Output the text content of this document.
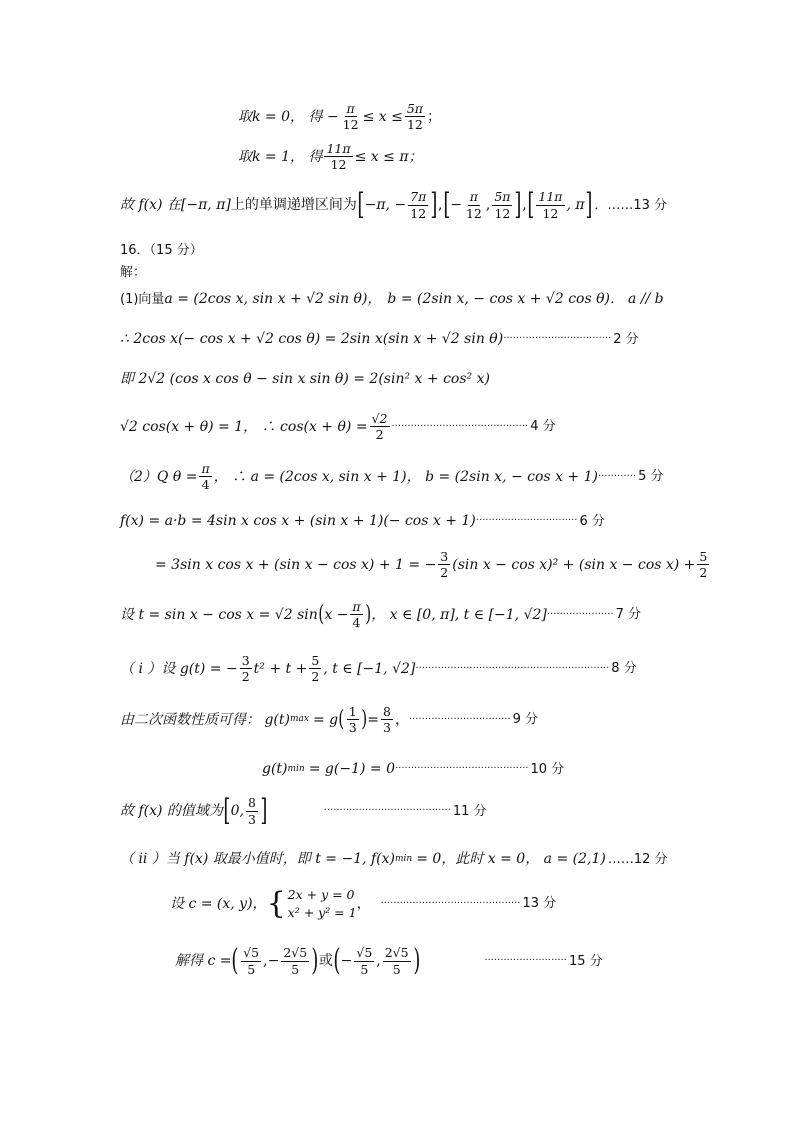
取k = 0， 得 − $\frac{\pi}{12} \le x \le \frac{5\pi}{12}$ ；
取k = 1， 得 $\frac{11\pi}{12} \le x \le \pi$；
故 f(x) 在 [−π, π] 上的单调递增区间为 [ −π, − $\frac{7\pi}{12}$ ] , [ − $\frac{\pi}{12}$ , $\frac{5\pi}{12}$ ] , [ $\frac{11\pi}{12}$ , π ] ．……13 分
16．（15 分）
解：
(1)向量 a = (2cos x, sin x + √2 sin θ)， b = (2sin x, − cos x + √2 cos θ)． a // b
∴ 2cos x(− cos x + √2 cos θ) = 2sin x(sin x + √2 sin θ) ·································· 2 分
即 2√2 (cos x cos θ − sin x sin θ) = 2(sin² x + cos² x)
√2 cos(x + θ) = 1， ∴ $\cos(x + \theta) = \frac{√2}{2}$ ··········································· 4 分
（2）Q $\theta = \frac{\pi}{4}$ ， ∴ a = (2cos x, sin x + 1)， b = (2sin x, − cos x + 1) ············ 5 分
f(x) = a·b = 4sin x cos x + (sin x + 1)(− cos x + 1) ································ 6 分
= 3sin x cos x + (sin x − cos x) + 1 = − $\frac{3}{2} (\sin$ x − cos x)² + (sin $x - \cos x) + \frac{5}{2}$
设 t = sin x − cos x = √2 sin ( $x - \frac{\pi}{4}$ ) ， x ∈ [0, π], t ∈ [−1, √2] ····················· 7 分
（ i ）设 g(t) = − $\frac{3}{2} t^2 + t + \frac{5}{2}$ , t ∈ [−1, √2] ····························································· 8 分
由二次函数性质可得： g(t) max = g ( $\frac{1}{3}$ ) = $\frac{8}{3}$ ， ································ 9 分
g(t) min = g(−1) = 0 ·········································· 10 分
故 f(x) 的值域为 [ 0, $\frac{8}{3}$ ]	········································ 11 分
（ ii ）当 f(x) 取最小值时，即 t = −1, f(x) min = 0，此时 x = 0， a = (2,1) ……12 分
设 c = (x, y)， { 2x + y = 0
x² + y² = 1
， ············································ 13 分
解得 c = ( $\frac{√5}{5}$ ,− $\frac{2√5}{5}$ ) 或 ( − $\frac{√5}{5}$ , $\frac{2√5}{5}$ )	·························· 15 分
